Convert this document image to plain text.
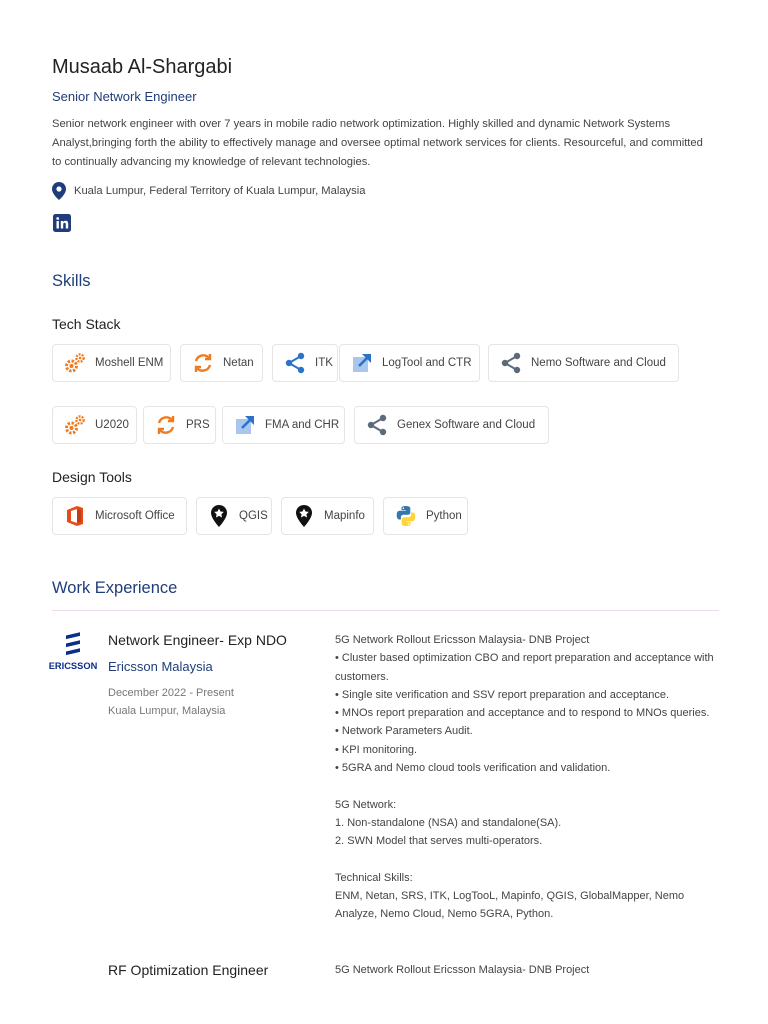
Musaab Al-Shargabi
Senior Network Engineer
Senior network engineer with over 7 years in mobile radio network optimization. Highly skilled and dynamic Network Systems Analyst,bringing forth the ability to effectively manage and oversee optimal network services for clients. Resourceful, and committed to continually advancing my knowledge of relevant technologies.
Kuala Lumpur, Federal Territory of Kuala Lumpur, Malaysia
Skills
Tech Stack
Moshell ENM	Netan	ITK	LogTool and CTR	Nemo Software and Cloud
U2020	PRS	FMA and CHR	Genex Software and Cloud
Design Tools
Microsoft Office	QGIS	Mapinfo	Python
Work Experience
ERICSSON
Network Engineer- Exp NDO
Ericsson Malaysia
December 2022 - Present
Kuala Lumpur, Malaysia
5G Network Rollout Ericsson Malaysia- DNB Project
• Cluster based optimization CBO and report preparation and acceptance with customers.
• Single site verification and SSV report preparation and acceptance.
• MNOs report preparation and acceptance and to respond to MNOs queries.
• Network Parameters Audit.
• KPI monitoring.
• 5GRA and Nemo cloud tools verification and validation.
5G Network:
1. Non-standalone (NSA) and standalone(SA).
2. SWN Model that serves multi-operators.
Technical Skills:
ENM, Netan, SRS, ITK, LogTooL, Mapinfo, QGIS, GlobalMapper, Nemo Analyze, Nemo Cloud, Nemo 5GRA, Python.
RF Optimization Engineer	5G Network Rollout Ericsson Malaysia- DNB Project
